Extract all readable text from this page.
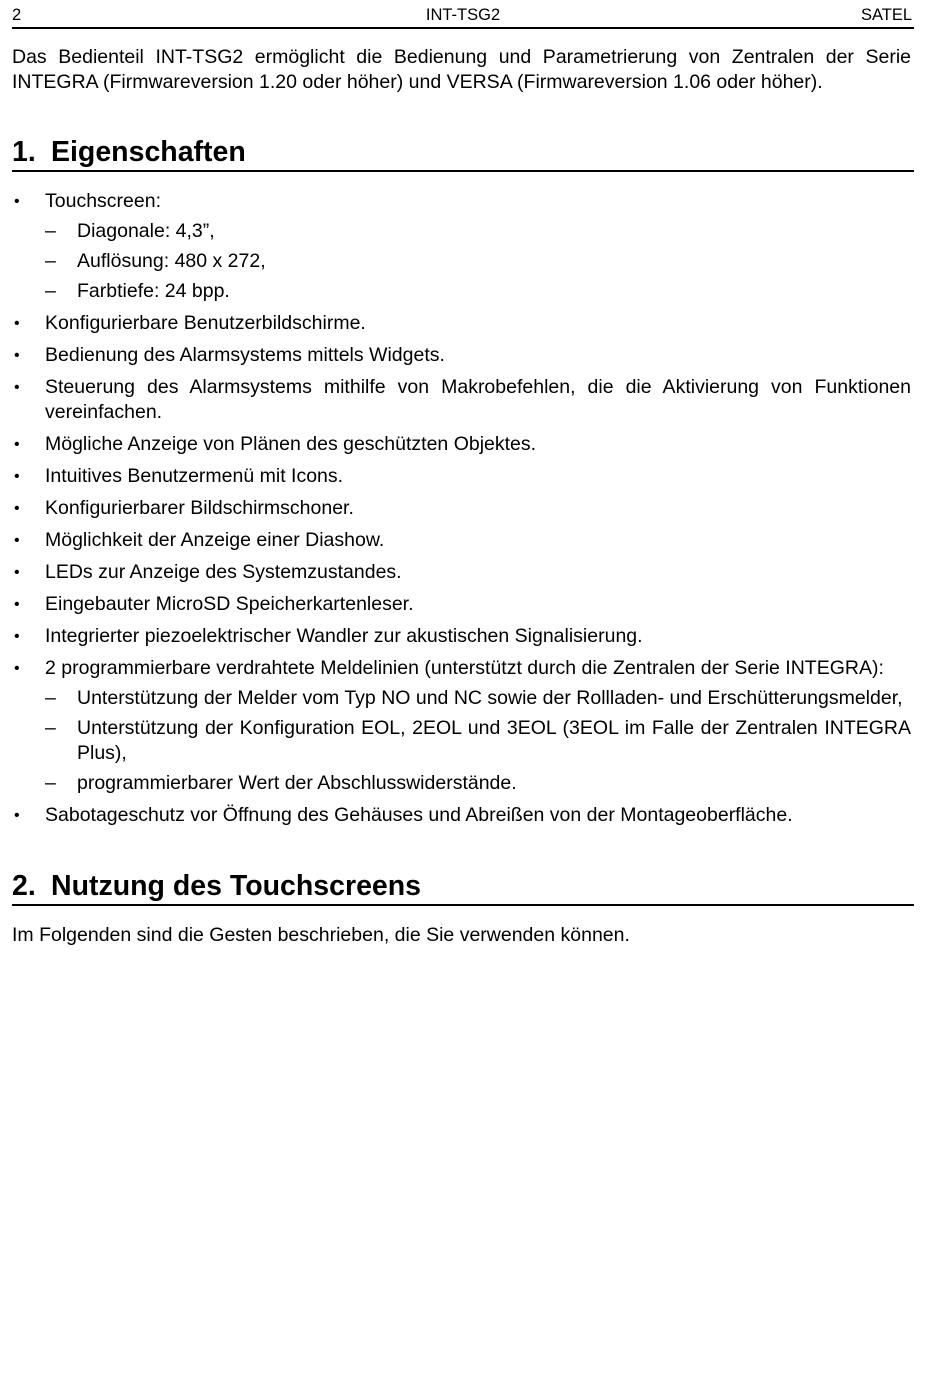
2	INT-TSG2	SATEL

Das Bedienteil INT-TSG2 ermöglicht die Bedienung und Parametrierung von Zentralen der Serie INTEGRA (Firmwareversion 1.20 oder höher) und VERSA (Firmwareversion 1.06 oder höher).

1. Eigenschaften
• Touchscreen:
– Diagonale: 4,3”,
– Auflösung: 480 x 272,
– Farbtiefe: 24 bpp.
• Konfigurierbare Benutzerbildschirme.
• Bedienung des Alarmsystems mittels Widgets.
• Steuerung des Alarmsystems mithilfe von Makrobefehlen, die die Aktivierung von Funktionen vereinfachen.
• Mögliche Anzeige von Plänen des geschützten Objektes.
• Intuitives Benutzermenü mit Icons.
• Konfigurierbarer Bildschirmschoner.
• Möglichkeit der Anzeige einer Diashow.
• LEDs zur Anzeige des Systemzustandes.
• Eingebauter MicroSD Speicherkartenleser.
• Integrierter piezoelektrischer Wandler zur akustischen Signalisierung.
• 2 programmierbare verdrahtete Meldelinien (unterstützt durch die Zentralen der Serie INTEGRA):
– Unterstützung der Melder vom Typ NO und NC sowie der Rollladen- und Erschütterungsmelder,
– Unterstützung der Konfiguration EOL, 2EOL und 3EOL (3EOL im Falle der Zentralen INTEGRA Plus),
– programmierbarer Wert der Abschlusswiderstände.
• Sabotageschutz vor Öffnung des Gehäuses und Abreißen von der Montageoberfläche.
2. Nutzung des Touchscreens

Im Folgenden sind die Gesten beschrieben, die Sie verwenden können.
